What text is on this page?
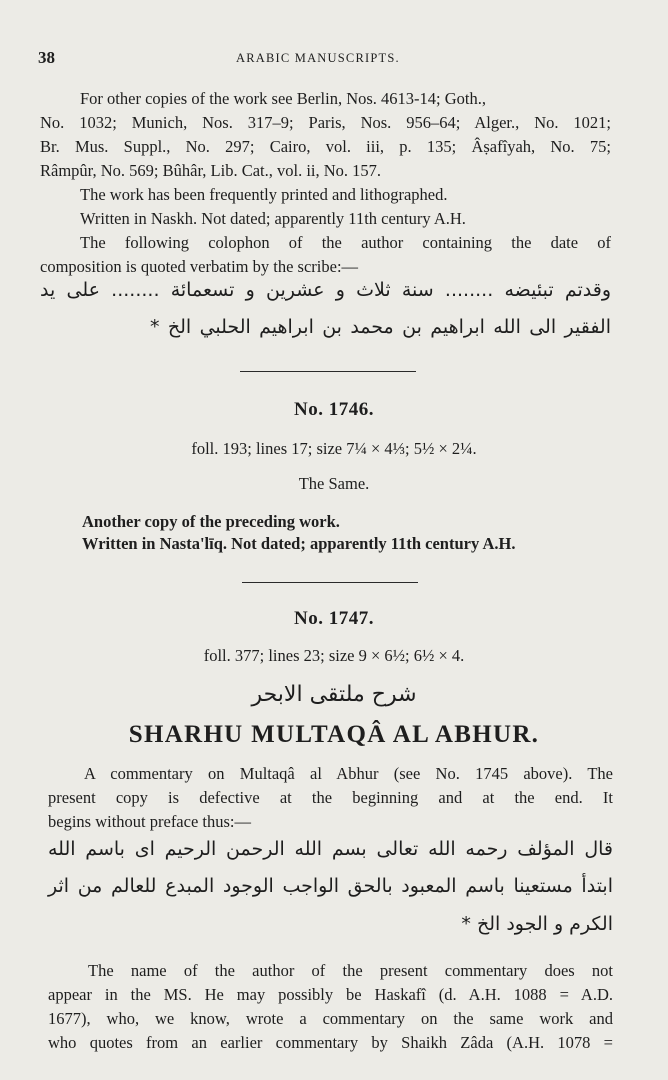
38	ARABIC MANUSCRIPTS.
For other copies of the work see Berlin, Nos. 4613-14; Goth.,
No. 1032; Munich, Nos. 317–9; Paris, Nos. 956–64; Alger., No. 1021;
Br. Mus. Suppl., No. 297; Cairo, vol. iii, p. 135; Âṣafîyah, No. 75;
Râmpûr, No. 569; Bûhâr, Lib. Cat., vol. ii, No. 157.
The work has been frequently printed and lithographed.
Written in Naskh. Not dated; apparently 11th century A.H.
The following colophon of the author containing the date of
composition is quoted verbatim by the scribe:—
وقدتم تبئيضه ........ سنة ثلاث و عشرين و تسعمائة ........ على يد
الفقير الى الله ابراهيم بن محمد بن ابراهيم الحلبي الخ *
No. 1746.
foll. 193; lines 17; size 7¼ × 4⅓; 5½ × 2¼.
The Same.
Another copy of the preceding work.
Written in Nasta'līq. Not dated; apparently 11th century A.H.
No. 1747.
foll. 377; lines 23; size 9 × 6½; 6½ × 4.
شرح ملتقى الابحر
SHARHU MULTAQÂ AL ABHUR.
A commentary on Multaqâ al Abhur (see No. 1745 above). The
present copy is defective at the beginning and at the end. It
begins without preface thus:—
قال المؤلف رحمه الله تعالى بسم الله الرحمن الرحيم اى باسم الله
ابتدأ مستعينا باسم المعبود بالحق الواجب الوجود المبدع للعالم من اثر
الكرم و الجود الخ *
The name of the author of the present commentary does not
appear in the MS. He may possibly be Haskafî (d. A.H. 1088 = A.D.
1677), who, we know, wrote a commentary on the same work and
who quotes from an earlier commentary by Shaikh Zâda (A.H. 1078 =
